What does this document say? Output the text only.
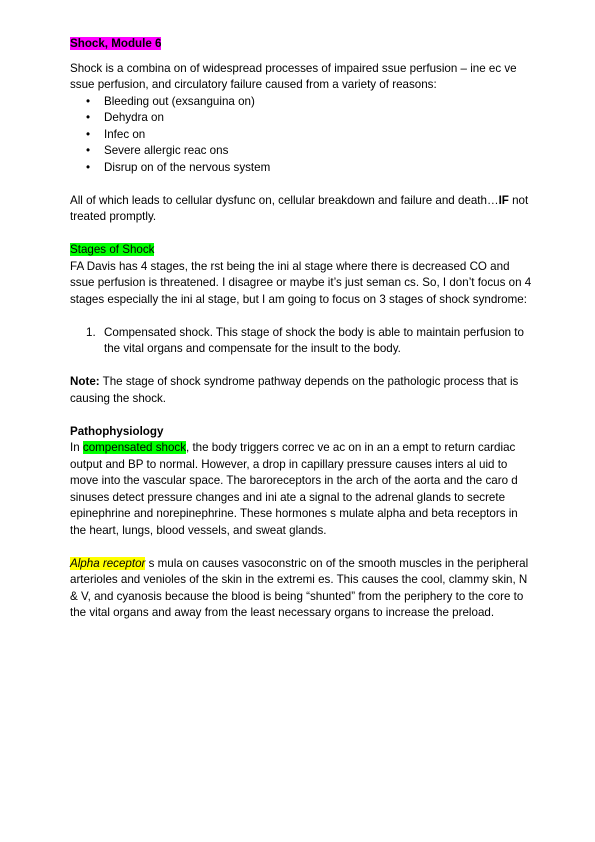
Shock, Module 6

Shock is a combina on of widespread processes of impaired ssue perfusion – ine ec ve ssue perfusion, and circulatory failure caused from a variety of reasons:

• Bleeding out (exsanguina on)
• Dehydra on
• Infec on
• Severe allergic reac ons
• Disrup on of the nervous system

All of which leads to cellular dysfunc on, cellular breakdown and failure and death…IF not treated promptly.

Stages of Shock

FA Davis has 4 stages, the rst being the ini al stage where there is decreased CO and ssue perfusion is threatened. I disagree or maybe it’s just seman cs. So, I don’t focus on 4 stages especially the ini al stage, but I am going to focus on 3 stages of shock syndrome:

1. Compensated shock. This stage of shock the body is able to maintain perfusion to the vital organs and compensate for the insult to the body.

Note: The stage of shock syndrome pathway depends on the pathologic process that is causing the shock.

Pathophysiology

In compensated shock, the body triggers correc ve ac on in an a empt to return cardiac output and BP to normal. However, a drop in capillary pressure causes inters al uid to move into the vascular space. The baroreceptors in the arch of the aorta and the caro d sinuses detect pressure changes and ini ate a signal to the adrenal glands to secrete epinephrine and norepinephrine. These hormones s mulate alpha and beta receptors in the heart, lungs, blood vessels, and sweat glands.

Alpha receptor s mula on causes vasoconstric on of the smooth muscles in the peripheral arterioles and venioles of the skin in the extremi es. This causes the cool, clammy skin, N & V, and cyanosis because the blood is being “shunted” from the periphery to the core to the vital organs and away from the least necessary organs to increase the preload.
